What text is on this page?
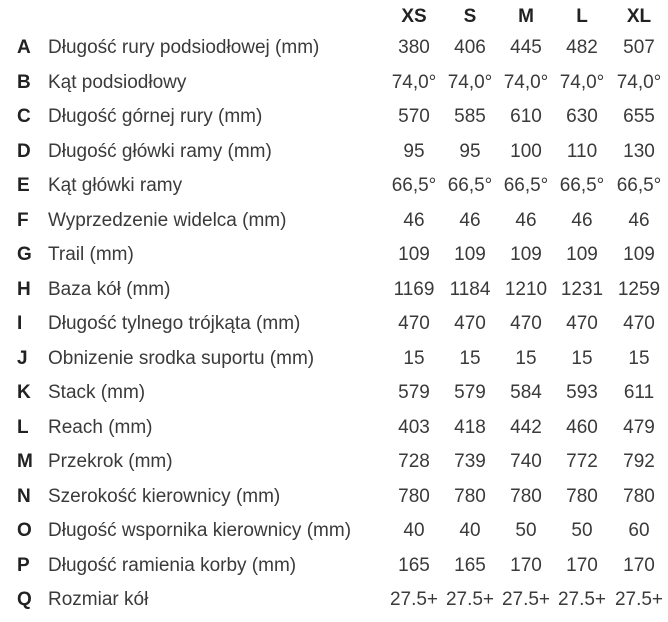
XS	S	M	L	XL
A Długość rury podsiodłowej (mm)	380	406	445	482	507
B Kąt podsiodłowy	74,0° 74,0° 74,0° 74,0° 74,0°
C Długość górnej rury (mm)	570	585	610	630	655
D Długość główki ramy (mm)	95	95	100	110	130
E Kąt główki ramy	66,5° 66,5° 66,5° 66,5° 66,5°
F	Wyprzedzenie widelca (mm)	46	46	46	46	46
G Trail (mm)	109	109	109	109	109
H Baza kół (mm)	1169 1184 1210 1231 1259
I	Długość tylnego trójkąta (mm)	470	470	470	470	470
J	Obnizenie srodka suportu (mm)	15	15	15	15	15
K Stack (mm)	579	579	584	593	611
L	Reach (mm)	403	418	442	460	479
M Przekrok (mm)	728	739	740	772	792
N Szerokość kierownicy (mm)	780	780	780	780	780
O Długość wspornika kierownicy (mm)	40	40	50	50	60
P Długość ramienia korby (mm)	165	165	170	170	170
Q Rozmiar kół	27.5+ 27.5+ 27.5+ 27.5+ 27.5+
